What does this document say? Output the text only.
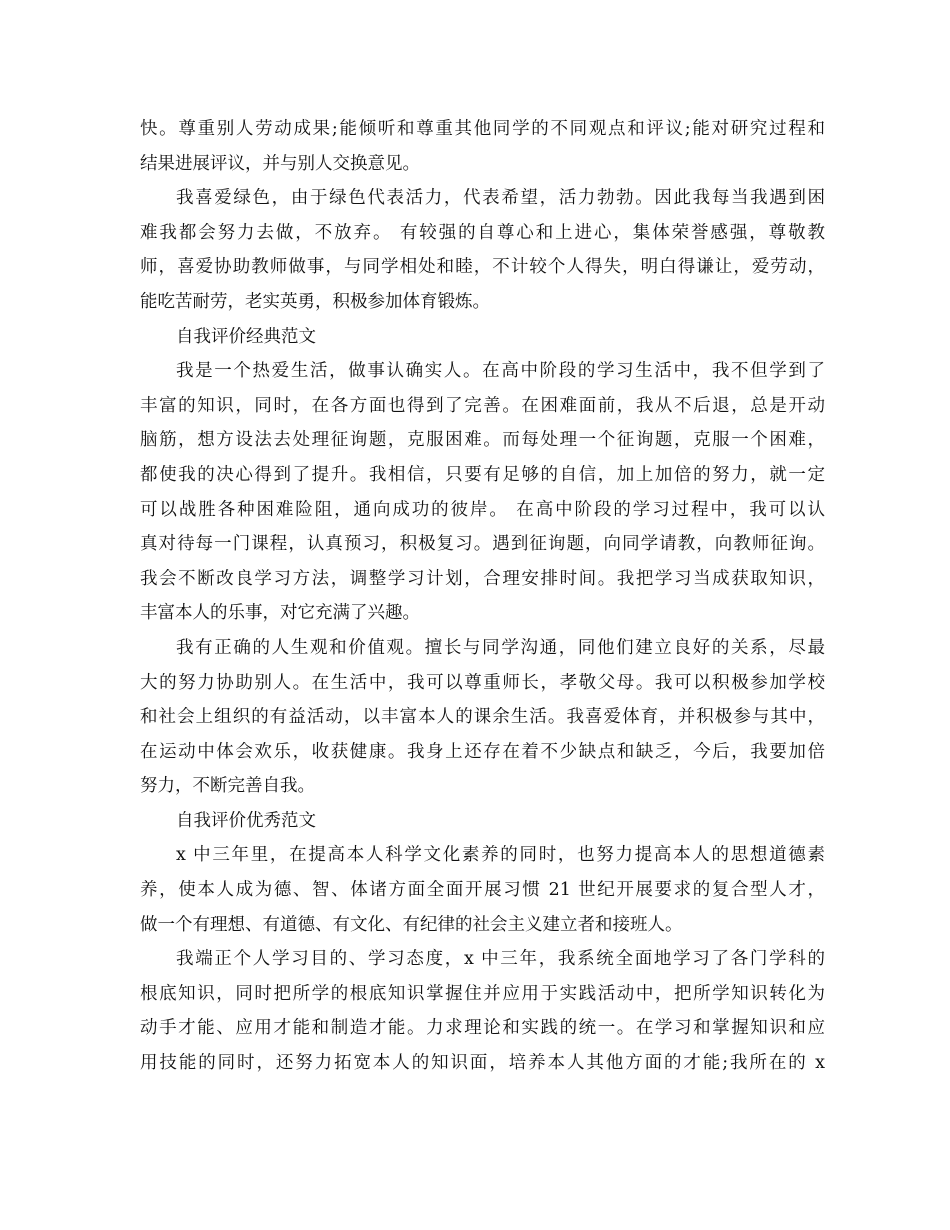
快。尊重别人劳动成果;能倾听和尊重其他同学的不同观点和评议;能对研究过程和
结果进展评议，并与别人交换意见。
我喜爱绿色，由于绿色代表活力，代表希望，活力勃勃。因此我每当我遇到困
难我都会努力去做，不放弃。 有较强的自尊心和上进心，集体荣誉感强，尊敬教
师，喜爱协助教师做事，与同学相处和睦，不计较个人得失，明白得谦让，爱劳动，
能吃苦耐劳，老实英勇，积极参加体育锻炼。
自我评价经典范文
我是一个热爱生活，做事认确实人。在高中阶段的学习生活中，我不但学到了
丰富的知识，同时，在各方面也得到了完善。在困难面前，我从不后退，总是开动
脑筋，想方设法去处理征询题，克服困难。而每处理一个征询题，克服一个困难，
都使我的决心得到了提升。我相信，只要有足够的自信，加上加倍的努力，就一定
可以战胜各种困难险阻，通向成功的彼岸。 在高中阶段的学习过程中，我可以认
真对待每一门课程，认真预习，积极复习。遇到征询题，向同学请教，向教师征询。
我会不断改良学习方法，调整学习计划，合理安排时间。我把学习当成获取知识，
丰富本人的乐事，对它充满了兴趣。
我有正确的人生观和价值观。擅长与同学沟通，同他们建立良好的关系，尽最
大的努力协助别人。在生活中，我可以尊重师长，孝敬父母。我可以积极参加学校
和社会上组织的有益活动，以丰富本人的课余生活。我喜爱体育，并积极参与其中，
在运动中体会欢乐，收获健康。我身上还存在着不少缺点和缺乏，今后，我要加倍
努力，不断完善自我。
自我评价优秀范文
x 中三年里，在提高本人科学文化素养的同时，也努力提高本人的思想道德素
养，使本人成为德、智、体诸方面全面开展习惯 21 世纪开展要求的复合型人才，
做一个有理想、有道德、有文化、有纪律的社会主义建立者和接班人。
我端正个人学习目的、学习态度，x 中三年，我系统全面地学习了各门学科的
根底知识，同时把所学的根底知识掌握住并应用于实践活动中，把所学知识转化为
动手才能、应用才能和制造才能。力求理论和实践的统一。在学习和掌握知识和应
用技能的同时，还努力拓宽本人的知识面，培养本人其他方面的才能;我所在的 x
